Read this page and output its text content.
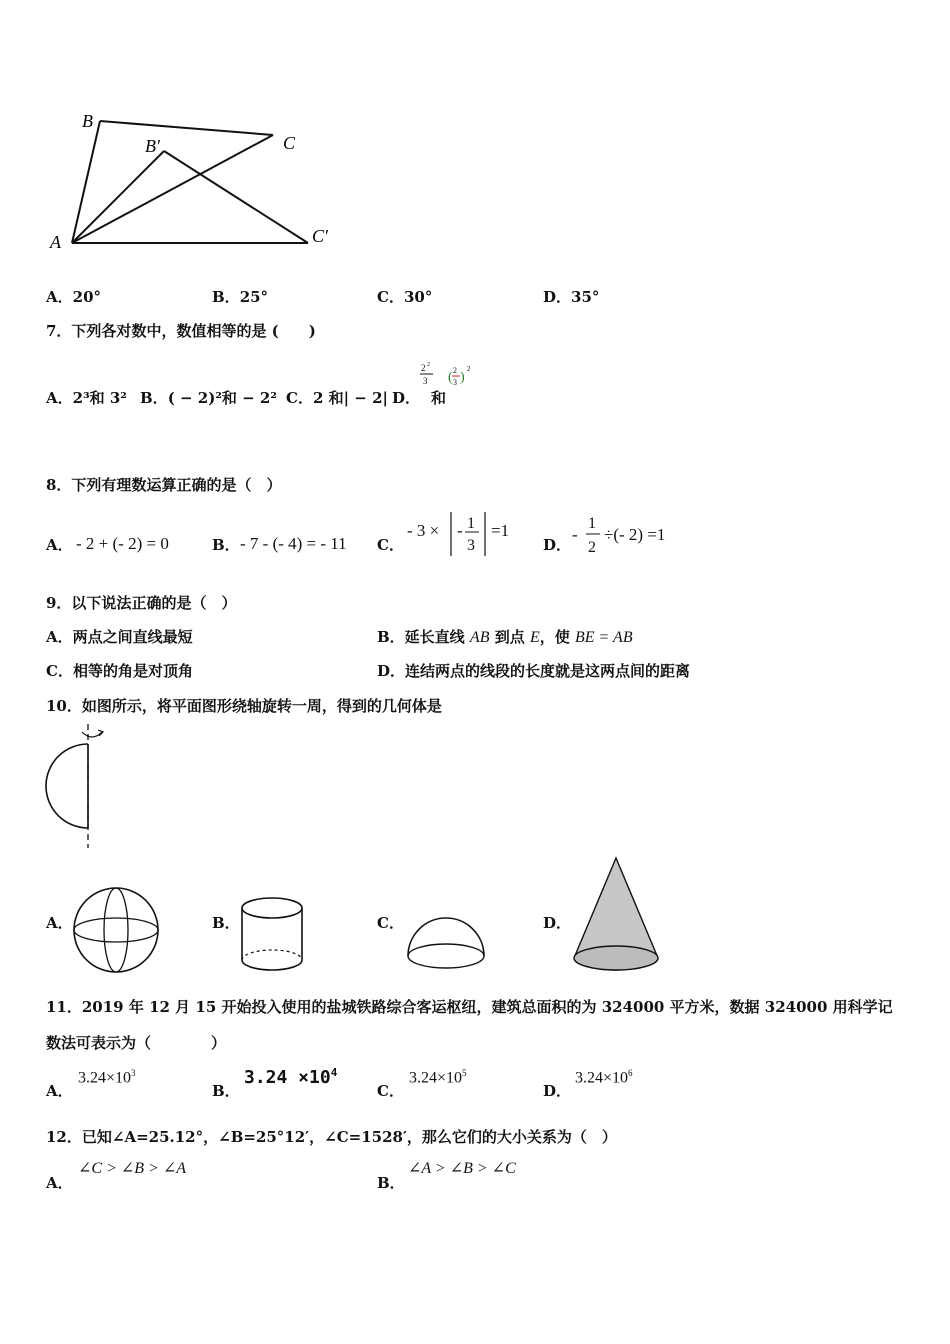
B
B′	C
A	C′
A．20°	B．25°	C．30°	D．35°
7．下列各对数中，数值相等的是 (　　)
A．2³和 3² B．( − 2)²和 − 2² C．2 和| − 2| D．
2 2
3 ( 2
3 )
2
和
8．下列有理数运算正确的是（　）
A． - 2 + (- 2) = 0	B． - 7 - (- 4) = - 11 C．
- 3 × - 1
3
=1
D．
-
1
2
÷(- 2) =1
9．以下说法正确的是（　）
A．两点之间直线最短	B．延长直线 AB 到点 E，使 BE = AB
C．相等的角是对顶角	D．连结两点的线段的长度就是这两点间的距离
10．如图所示，将平面图形绕轴旋转一周，得到的几何体是
A．	B．	C．	D．
11．2019 年 12 月 15 开始投入使用的盐城铁路综合客运枢纽，建筑总面积的为 324000 平方米，数据 324000 用科学记
数法可表示为（　　　　）
A．
$3.24\times 10^3$
B．
$3.24 \times 10^4$
C．
$3.24\times 10^5$
D．
$3.24\times 10^6$
12．已知∠A=25.12°，∠B=25°12′，∠C=1528′，那么它们的大小关系为（　）
A．
∠C > ∠B > ∠A
B．
∠A > ∠B > ∠C
